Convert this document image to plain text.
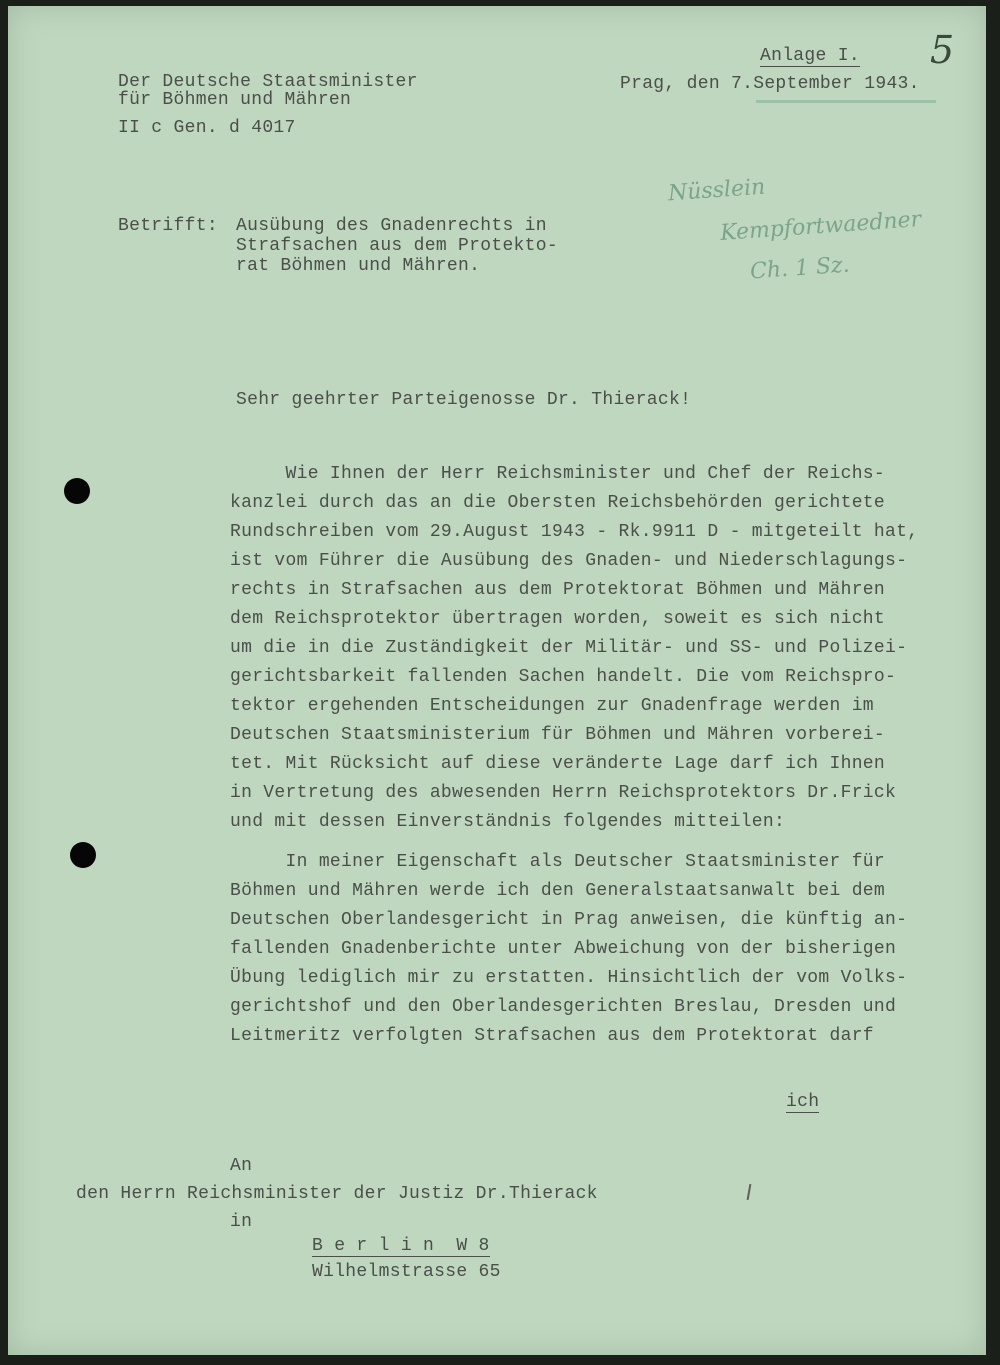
Anlage I. 5
Der Deutsche Staatsminister
für Böhmen und Mähren
II c Gen. d 4017
Prag, den 7.September 1943.
Betrifft: Ausübung des Gnadenrechts in
Strafsachen aus dem Protekto-
rat Böhmen und Mähren.
Nüsslein
Kempfortwaedner
Ch. 1 Sz.
Sehr geehrter Parteigenosse Dr. Thierack!
Wie Ihnen der Herr Reichsminister und Chef der Reichs-
kanzlei durch das an die Obersten Reichsbehörden gerichtete
Rundschreiben vom 29.August 1943 - Rk.9911 D - mitgeteilt hat,
ist vom Führer die Ausübung des Gnaden- und Niederschlagungs-
rechts in Strafsachen aus dem Protektorat Böhmen und Mähren
dem Reichsprotektor übertragen worden, soweit es sich nicht
um die in die Zuständigkeit der Militär- und SS- und Polizei-
gerichtsbarkeit fallenden Sachen handelt. Die vom Reichspro-
tektor ergehenden Entscheidungen zur Gnadenfrage werden im
Deutschen Staatsministerium für Böhmen und Mähren vorberei-
tet. Mit Rücksicht auf diese veränderte Lage darf ich Ihnen
in Vertretung des abwesenden Herrn Reichsprotektors Dr.Frick
und mit dessen Einverständnis folgendes mitteilen:
In meiner Eigenschaft als Deutscher Staatsminister für
Böhmen und Mähren werde ich den Generalstaatsanwalt bei dem
Deutschen Oberlandesgericht in Prag anweisen, die künftig an-
fallenden Gnadenberichte unter Abweichung von der bisherigen
Übung lediglich mir zu erstatten. Hinsichtlich der vom Volks-
gerichtshof und den Oberlandesgerichten Breslau, Dresden und
Leitmeritz verfolgten Strafsachen aus dem Protektorat darf
ich
An
den Herrn Reichsminister der Justiz Dr.Thierack
in
B e r l i n  W 8
Wilhelmstrasse 65
